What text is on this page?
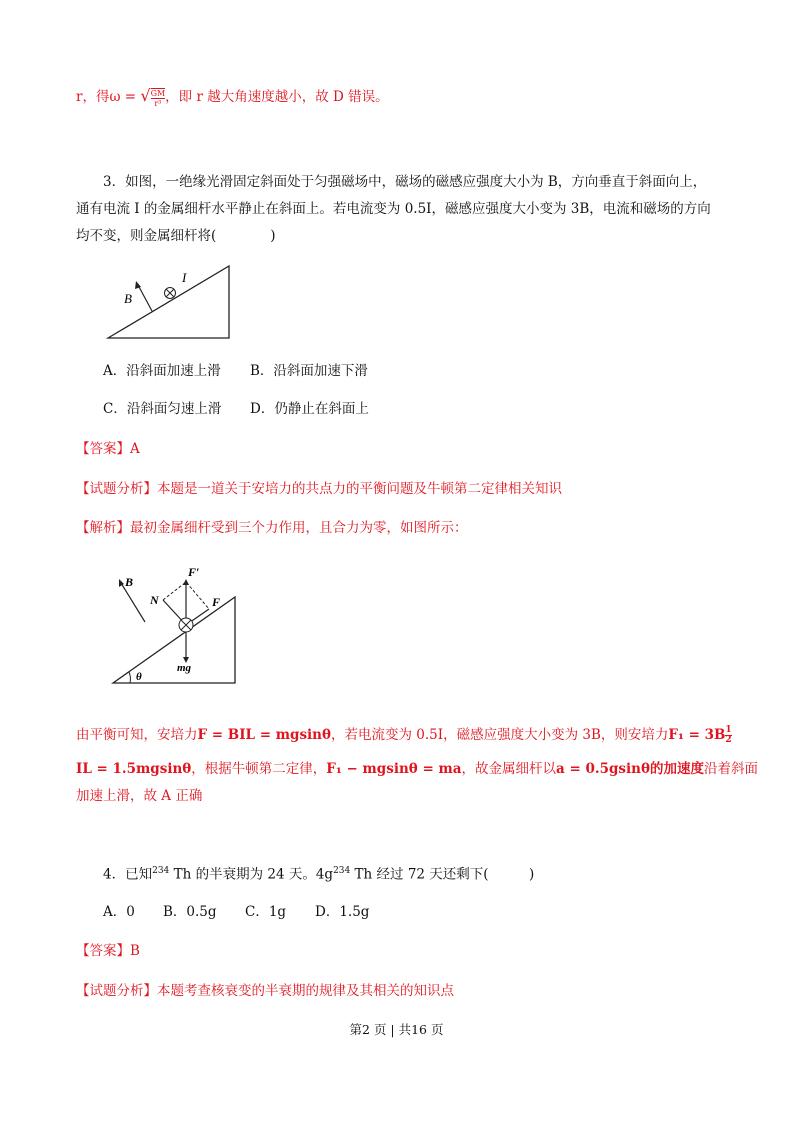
r，得ω = √ $\frac{GM}{\text{r³}}$ ，即 r 越大角速度越小，故 D 错误。
3．如图，一绝缘光滑固定斜面处于匀强磁场中，磁场的磁感应强度大小为 B，方向垂直于斜面向上，
通有电流 I 的金属细杆水平静止在斜面上。若电流变为 0.5I，磁感应强度大小变为 3B，电流和磁场的方向
均不变，则金属细杆将(　　　　)
B
I
A．沿斜面加速上滑 B．沿斜面加速下滑
C．沿斜面匀速上滑 D．仍静止在斜面上
【答案】A
【试题分析】本题是一道关于安培力的共点力的平衡问题及牛顿第二定律相关知识
【解析】最初金属细杆受到三个力作用，且合力为零，如图所示：
B
F′
N	F
mg
θ
由平衡可知，安培力F = BIL = mgsinθ，若电流变为 0.5I，磁感应强度大小变为 3B，则安培力$F_1 = 3B \frac{1}{2}$
IL = 1.5mgsinθ，根据牛顿第二定律，F₁ − mgsinθ = ma，故金属细杆以a = 0.5gsinθ的加速度沿着斜面
加速上滑，故 A 正确
4．已知$^{234}$ Th 的半衰期为 24 天。$4g^{234}$ Th 经过 72 天还剩下(　　　)
A．0 B．0.5g C．1g D．1.5g
【答案】B
【试题分析】本题考查核衰变的半衰期的规律及其相关的知识点
第2 页 | 共16 页
